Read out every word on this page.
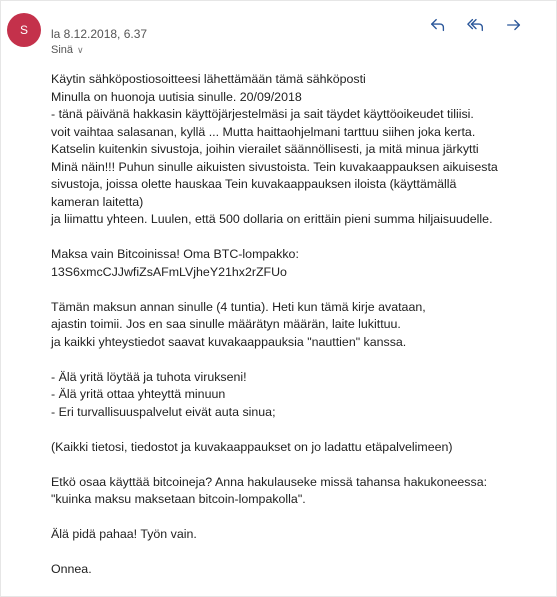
S	la 8.12.2018, 6.37
Sinä ∨
Käytin sähköpostiosoitteesi lähettämään tämä sähköposti
Minulla on huonoja uutisia sinulle. 20/09/2018
- tänä päivänä hakkasin käyttöjärjestelmäsi ja sait täydet käyttöoikeudet tiliisi.
voit vaihtaa salasanan, kyllä ... Mutta haittaohjelmani tarttuu siihen joka kerta.
Katselin kuitenkin sivustoja, joihin vierailet säännöllisesti, ja mitä minua järkytti
Minä näin!!! Puhun sinulle aikuisten sivustoista. Tein kuvakaappauksen aikuisesta
sivustoja, joissa olette hauskaa Tein kuvakaappauksen iloista (käyttämällä
kameran laitetta)
ja liimattu yhteen. Luulen, että 500 dollaria on erittäin pieni summa hiljaisuudelle.
Maksa vain Bitcoinissa! Oma BTC-lompakko:
13S6xmcCJJwfiZsAFmLVjheY21hx2rZFUo
Tämän maksun annan sinulle (4 tuntia). Heti kun tämä kirje avataan,
ajastin toimii. Jos en saa sinulle määrätyn määrän, laite lukittuu.
ja kaikki yhteystiedot saavat kuvakaappauksia "nauttien" kanssa.
- Älä yritä löytää ja tuhota virukseni!
- Älä yritä ottaa yhteyttä minuun
- Eri turvallisuuspalvelut eivät auta sinua;
(Kaikki tietosi, tiedostot ja kuvakaappaukset on jo ladattu etäpalvelimeen)
Etkö osaa käyttää bitcoineja? Anna hakulauseke missä tahansa hakukoneessa:
"kuinka maksu maksetaan bitcoin-lompakolla".
Älä pidä pahaa! Työn vain.
Onnea.
